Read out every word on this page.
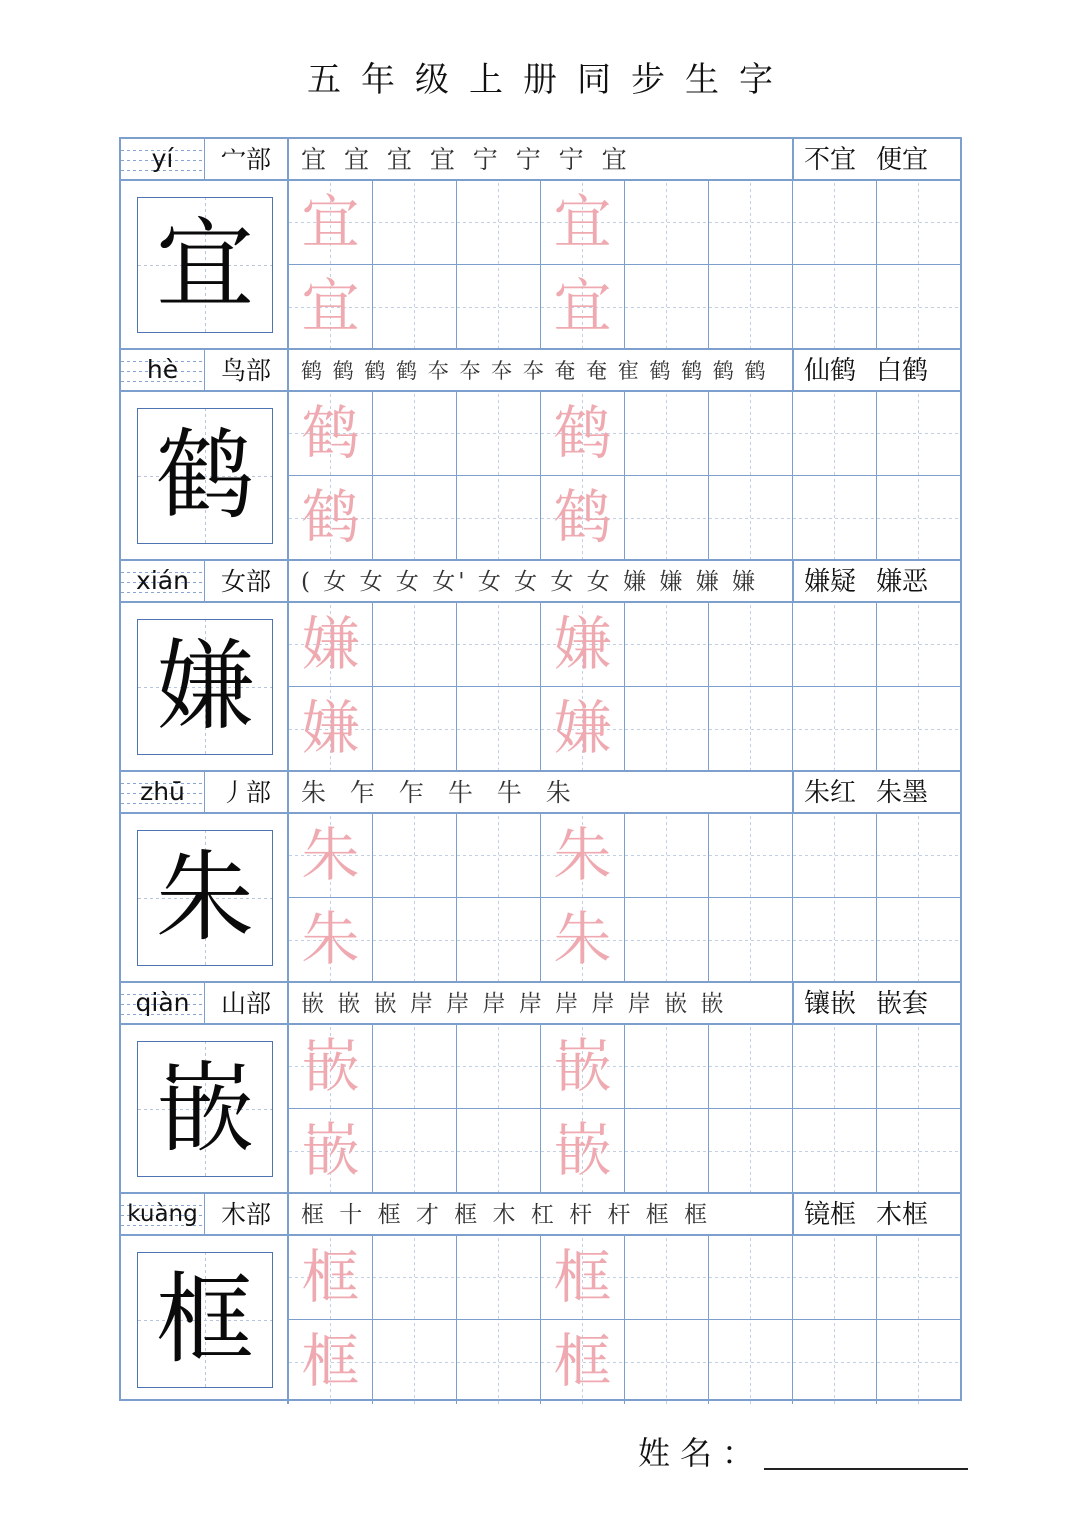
五年级上册同步生字
yí	宀部	宜 宜 宜 宜 宁 宁 宁 宜	不宜 便宜
宜 宜	宜
宜	宜
hè	鸟部	鹤 鹤 鹤 鹤 夲 夲 夲 夲 奄 奄 寉 鹤 鹤 鹤 鹤	仙鹤 白鹤
鹤 鹤	鹤
鹤	鹤
xián	女部	( 女 女 女 女' 女 女 女 女 嫌 嫌 嫌 嫌	嫌疑 嫌恶
嫌 嫌	嫌
嫌	嫌
zhū	丿部	朱 乍 乍 牛 牛 朱	朱红 朱墨
朱 朱	朱
朱	朱
qiàn	山部	嵌 嵌 嵌 岸 岸 岸 岸 岸 岸 岸 嵌 嵌	镶嵌 嵌套
嵌 嵌	嵌
嵌	嵌
kuàng 木部	框 十 框 才 框 木 杠 杆 杆 框 框	镜框 木框
框 框	框
框	框
姓名：
